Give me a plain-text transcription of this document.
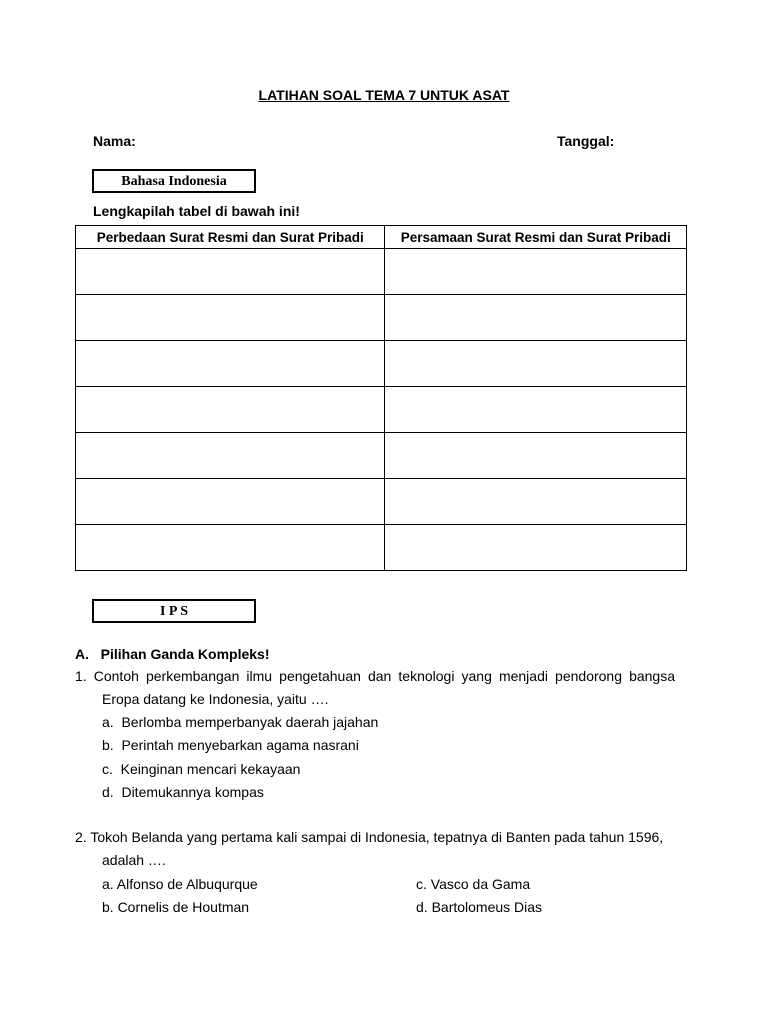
LATIHAN SOAL TEMA 7 UNTUK ASAT
Nama:	Tanggal:
Bahasa Indonesia
Lengkapilah tabel di bawah ini!
Perbedaan Surat Resmi dan Surat Pribadi	Persamaan Surat Resmi dan Surat Pribadi

I P S
A.   Pilihan Ganda Kompleks!
1. Contoh perkembangan ilmu pengetahuan dan teknologi yang menjadi pendorong bangsa
Eropa datang ke Indonesia, yaitu ….
a.  Berlomba memperbanyak daerah jajahan
b.  Perintah menyebarkan agama nasrani
c.  Keinginan mencari kekayaan
d.  Ditemukannya kompas
2. Tokoh Belanda yang pertama kali sampai di Indonesia, tepatnya di Banten pada tahun 1596,
adalah ….
a. Alfonso de Albuqurque
b. Cornelis de Houtman
c. Vasco da Gama
d. Bartolomeus Dias
